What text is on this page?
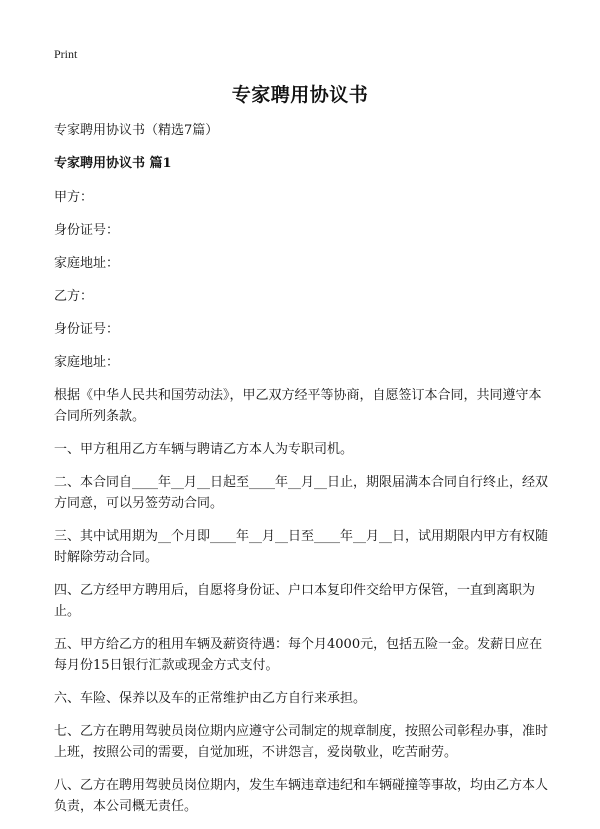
Print
专家聘用协议书

专家聘用协议书（精选7篇）

专家聘用协议书 篇1

甲方：

身份证号：

家庭地址：

乙方：

身份证号：

家庭地址：

根据《中华人民共和国劳动法》，甲乙双方经平等协商，自愿签订本合同，共同遵守本合同所列条款。

一、甲方租用乙方车辆与聘请乙方本人为专职司机。

二、本合同自____年__月__日起至____年__月__日止，期限届满本合同自行终止，经双方同意，可以另签劳动合同。

三、其中试用期为__个月即____年__月__日至____年__月__日，试用期限内甲方有权随时解除劳动合同。

四、乙方经甲方聘用后，自愿将身份证、户口本复印件交给甲方保管，一直到离职为止。

五、甲方给乙方的租用车辆及薪资待遇：每个月4000元，包括五险一金。发薪日应在每月份15日银行汇款或现金方式支付。

六、车险、保养以及车的正常维护由乙方自行来承担。

七、乙方在聘用驾驶员岗位期内应遵守公司制定的规章制度，按照公司彰程办事，准时上班，按照公司的需要，自觉加班，不讲怨言，爱岗敬业，吃苦耐劳。

八、乙方在聘用驾驶员岗位期内，发生车辆违章违纪和车辆碰撞等事故，均由乙方本人负责，本公司概无责任。
